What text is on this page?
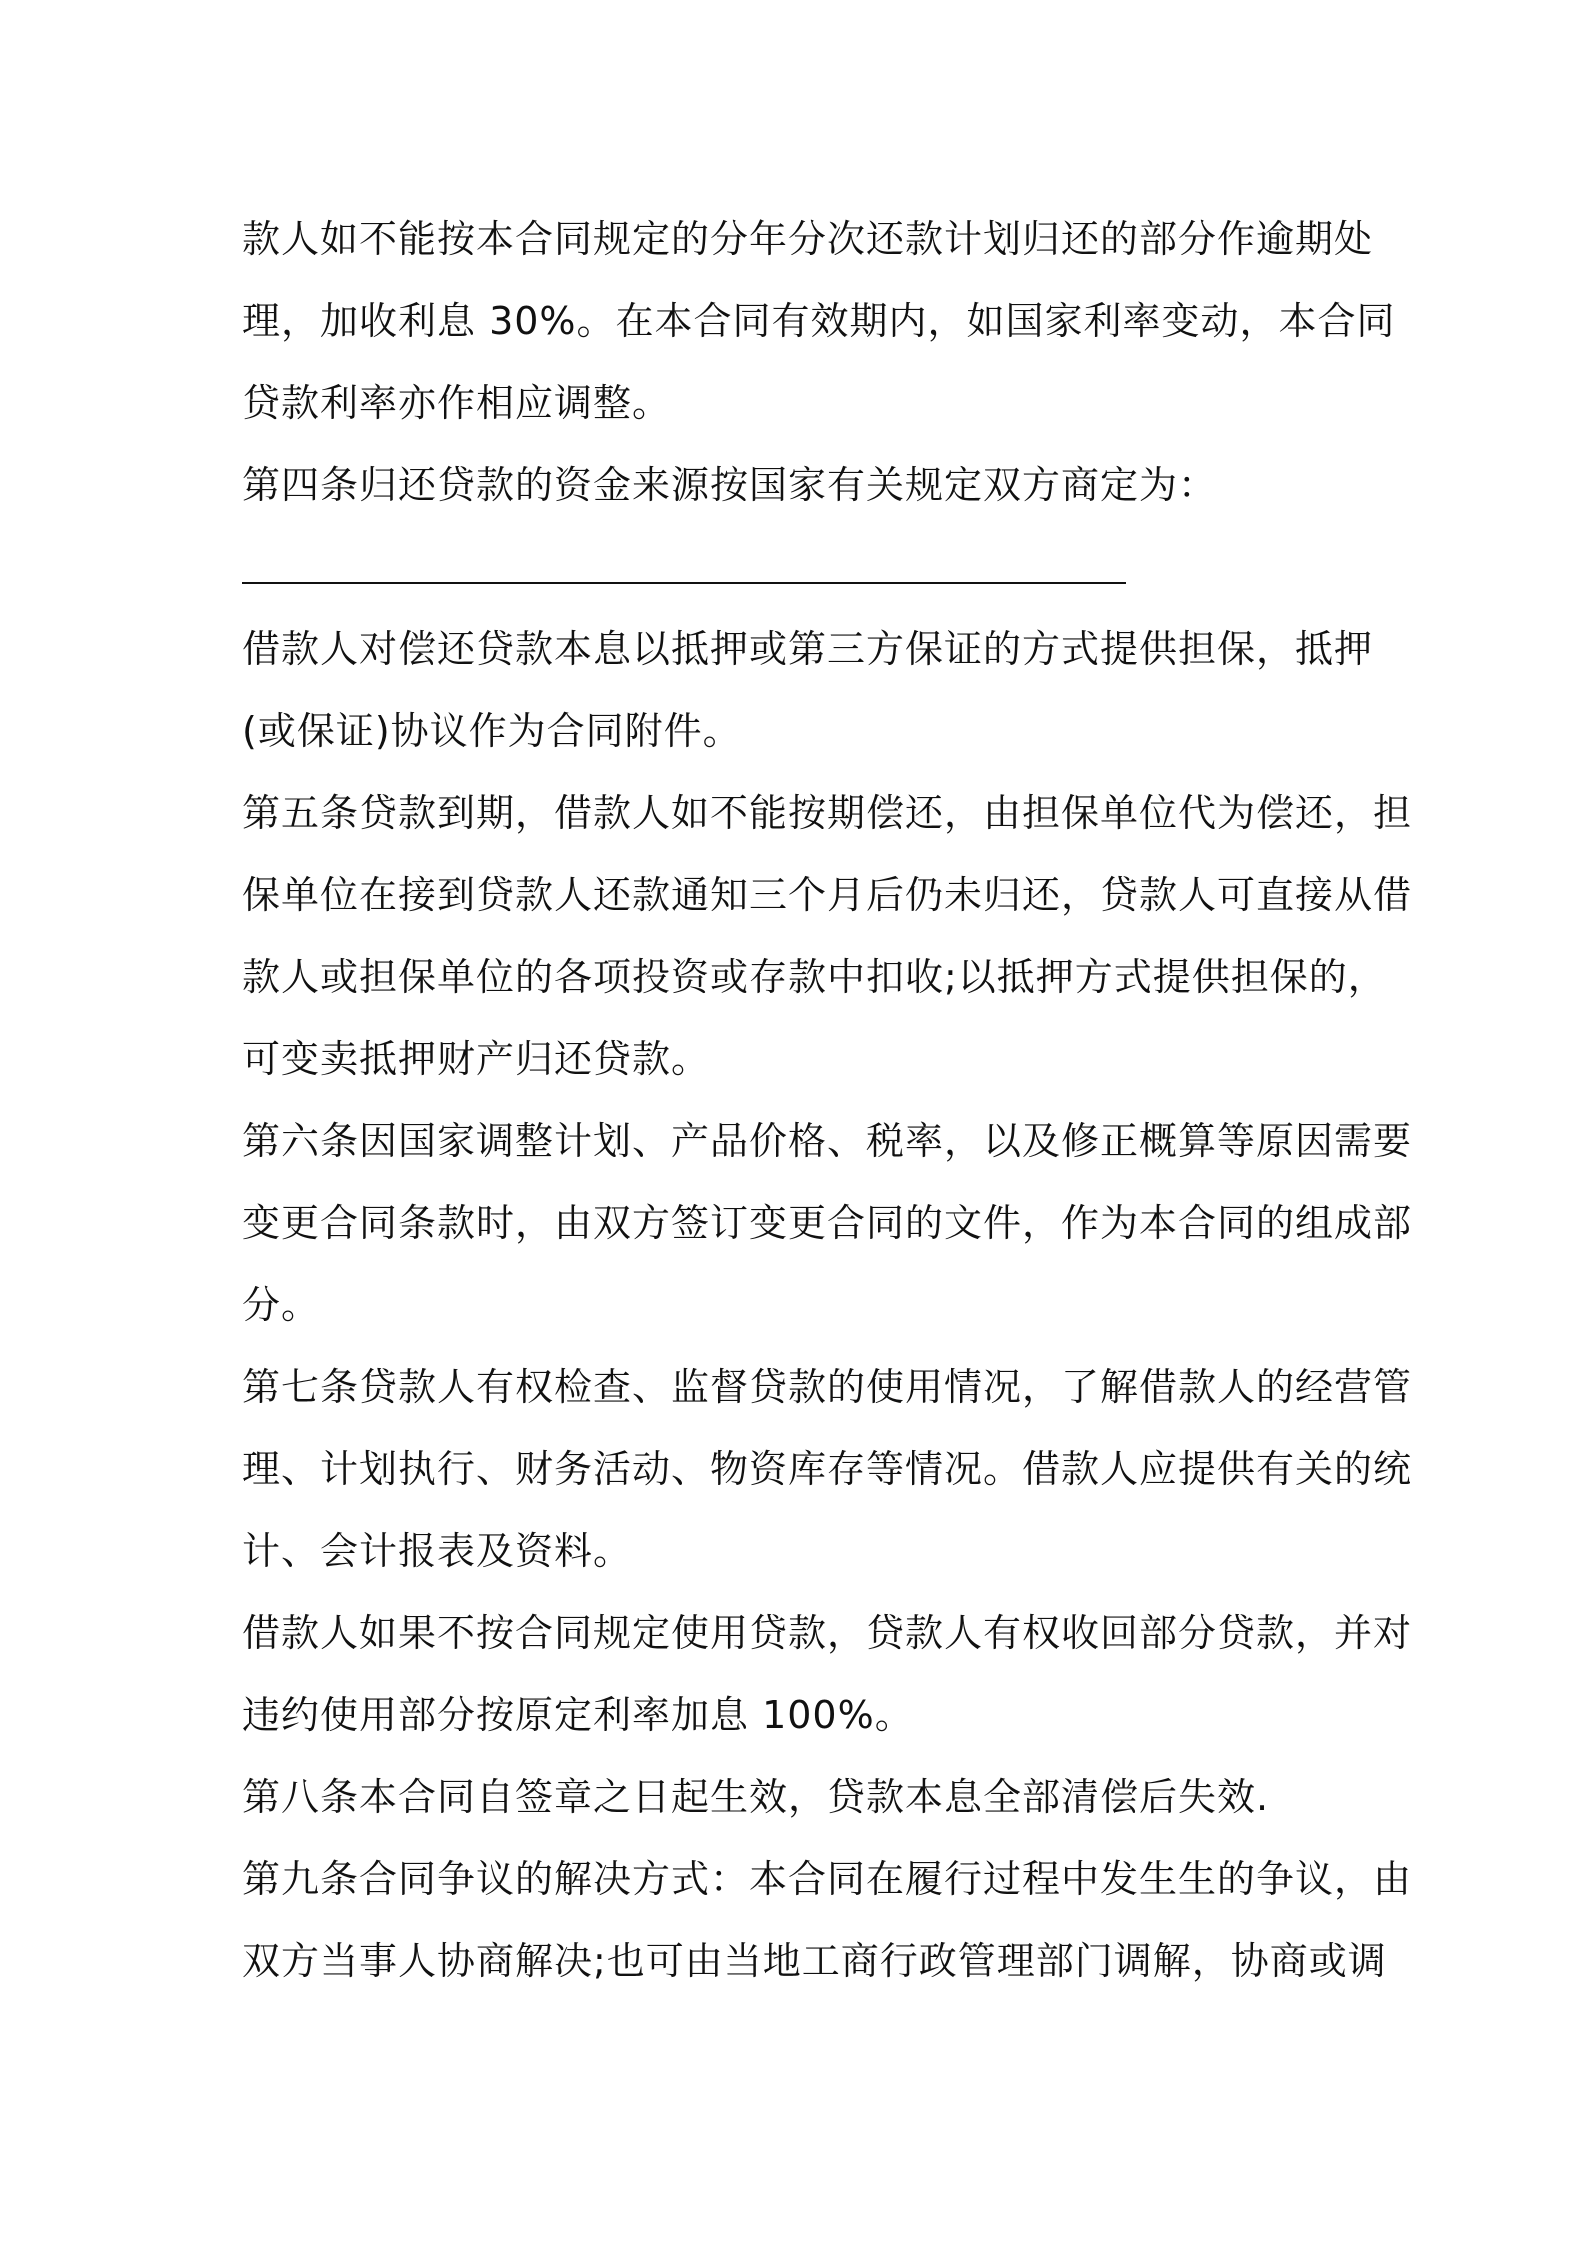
款人如不能按本合同规定的分年分次还款计划归还的部分作逾期处
理，加收利息 30%。在本合同有效期内，如国家利率变动，本合同
贷款利率亦作相应调整。
第四条归还贷款的资金来源按国家有关规定双方商定为：
借款人对偿还贷款本息以抵押或第三方保证的方式提供担保，抵押
(或保证)协议作为合同附件。
第五条贷款到期，借款人如不能按期偿还，由担保单位代为偿还，担
保单位在接到贷款人还款通知三个月后仍未归还，贷款人可直接从借
款人或担保单位的各项投资或存款中扣收;以抵押方式提供担保的，
可变卖抵押财产归还贷款。
第六条因国家调整计划、产品价格、税率，以及修正概算等原因需要
变更合同条款时，由双方签订变更合同的文件，作为本合同的组成部
分。
第七条贷款人有权检查、监督贷款的使用情况，了解借款人的经营管
理、计划执行、财务活动、物资库存等情况。借款人应提供有关的统
计、会计报表及资料。
借款人如果不按合同规定使用贷款，贷款人有权收回部分贷款，并对
违约使用部分按原定利率加息 100%。
第八条本合同自签章之日起生效，贷款本息全部清偿后失效.
第九条合同争议的解决方式：本合同在履行过程中发生生的争议，由
双方当事人协商解决;也可由当地工商行政管理部门调解，协商或调
